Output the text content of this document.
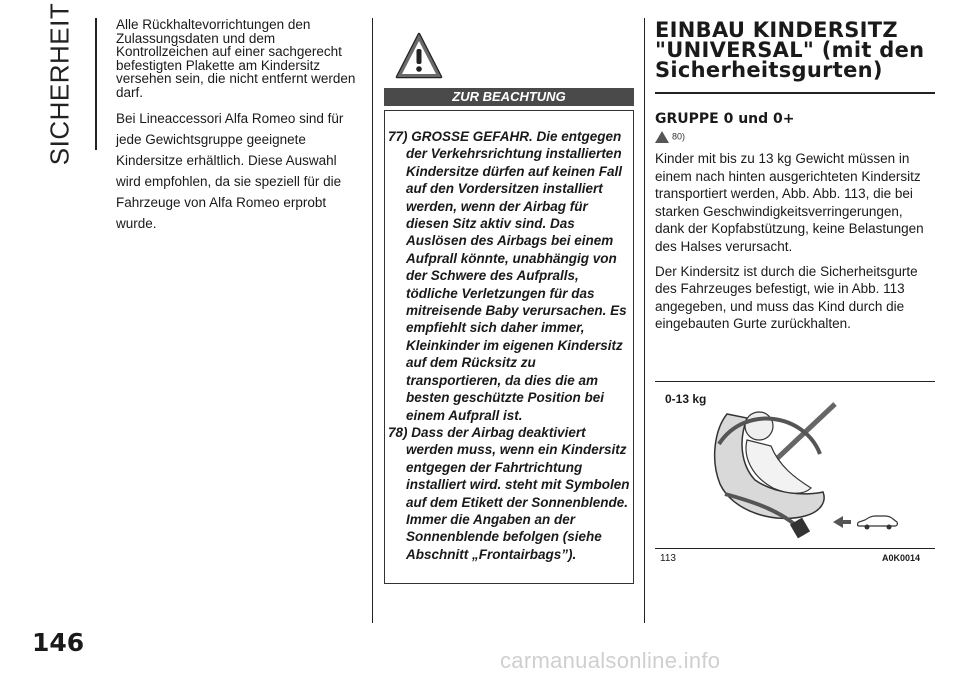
SICHERHEIT
146

Alle Rückhaltevorrichtungen den Zulassungsdaten und dem Kontrollzeichen auf einer sachgerecht befestigten Plakette am Kindersitz versehen sein, die nicht entfernt werden darf.

Bei Lineaccessori Alfa Romeo sind für jede Gewichtsgruppe geeignete Kindersitze erhältlich. Diese Auswahl wird empfohlen, da sie speziell für die Fahrzeuge von Alfa Romeo erprobt wurde.

ZUR BEACHTUNG
77) GROSSE GEFAHR. Die entgegen
der Verkehrsrichtung installierten Kindersitze dürfen auf keinen Fall auf den Vordersitzen installiert werden, wenn der Airbag für diesen Sitz aktiv sind. Das Auslösen des Airbags bei einem Aufprall könnte, unabhängig von der Schwere des Aufpralls, tödliche Verletzungen für das mitreisende Baby verursachen. Es empfiehlt sich daher immer, Kleinkinder im eigenen Kindersitz auf dem Rücksitz zu transportieren, da dies die am besten geschützte Position bei einem Aufprall ist.
78) Dass der Airbag deaktiviert
werden muss, wenn ein Kindersitz entgegen der Fahrtrichtung installiert wird. steht mit Symbolen auf dem Etikett der Sonnenblende. Immer die Angaben an der Sonnenblende befolgen (siehe Abschnitt „Frontairbags”).
EINBAU KINDERSITZ "UNIVERSAL" (mit den Sicherheitsgurten)
GRUPPE 0 und 0+
80)

Kinder mit bis zu 13 kg Gewicht müssen in einem nach hinten ausgerichteten Kindersitz transportiert werden, Abb. Abb. 113, die bei starken Geschwindigkeitsverringerungen, dank der Kopfabstützung, keine Belastungen des Halses verursacht.

Der Kindersitz ist durch die Sicherheitsgurte des Fahrzeuges befestigt, wie in Abb. 113 angegeben, und muss das Kind durch die eingebauten Gurte zurückhalten.

0-13 kg
113	A0K0014
carmanualsonline.info
